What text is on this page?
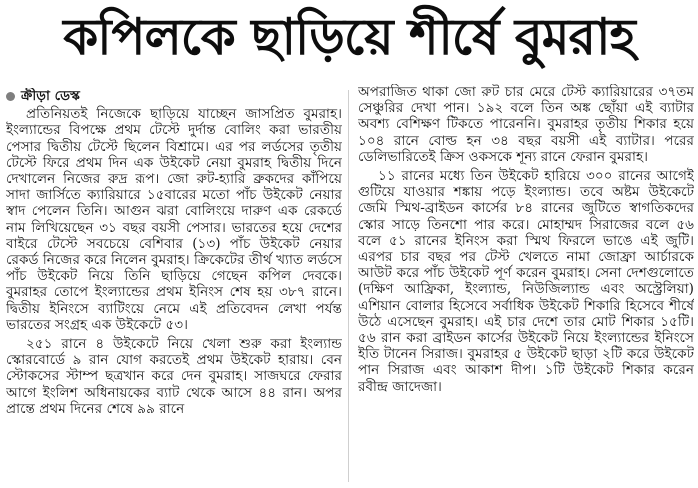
কপিলকে ছাড়িয়ে শীর্ষে বুমরাহ
ক্রীড়া ডেস্ক

প্রতিনিয়তই নিজেকে ছাড়িয়ে যাচ্ছেন জাসপ্রিত বুমরাহ। ইংল্যান্ডের বিপক্ষে প্রথম টেস্টে দুর্দান্ত বোলিং করা ভারতীয় পেসার দ্বিতীয় টেস্টে ছিলেন বিশ্রামে। এর পর লর্ডসের তৃতীয় টেস্টে ফিরে প্রথম দিন এক উইকেট নেয়া বুমরাহ দ্বিতীয় দিনে দেখালেন নিজের রুদ্র রূপ। জো রুট-হ্যারি ব্রুকদের কাঁপিয়ে সাদা জার্সিতে ক্যারিয়ারে ১৫বারের মতো পাঁচ উইকেট নেয়ার স্বাদ পেলেন তিনি। আগুন ঝরা বোলিংয়ে দারুণ এক রেকর্ডে নাম লিখিয়েছেন ৩১ বছর বয়সী পেসার। ভারতের হয়ে দেশের বাইরে টেস্টে সবচেয়ে বেশিবার (১৩) পাঁচ উইকেট নেয়ার রেকর্ড নিজের করে নিলেন বুমরাহ। ক্রিকেটের তীর্থ খ্যাত লর্ডসে পাঁচ উইকেট নিয়ে তিনি ছাড়িয়ে গেছেন কপিল দেবকে। বুমরাহর তোপে ইংল্যান্ডের প্রথম ইনিংস শেষ হয় ৩৮৭ রানে। দ্বিতীয় ইনিংসে ব্যাটিংয়ে নেমে এই প্রতিবেদন লেখা পর্যন্ত ভারতের সংগ্রহ এক উইকেটে ৫৩।

২৫১ রানে ৪ উইকেটে নিয়ে খেলা শুরু করা ইংল্যান্ড স্কোরবোর্ডে ৯ রান যোগ করতেই প্রথম উইকেট হারায়। বেন স্টোকসের স্টাম্প ছত্রখান করে দেন বুমরাহ। সাজঘরে ফেরার আগে ইংলিশ অধিনায়কের ব্যাট থেকে আসে ৪৪ রান। অপর প্রান্তে প্রথম দিনের শেষে ৯৯ রানে

অপরাজিত থাকা জো রুট চার মেরে টেস্ট ক্যারিয়ারের ৩৭তম সেঞ্চুরির দেখা পান। ১৯২ বলে তিন অঙ্ক ছোঁয়া এই ব্যাটার অবশ্য বেশিক্ষণ টিকতে পারেননি। বুমরাহর তৃতীয় শিকার হয়ে ১০৪ রানে বোল্ড হন ৩৪ বছর বয়সী এই ব্যাটার। পরের ডেলিভারিতেই ক্রিস ওকসকে শূন্য রানে ফেরান বুমরাহ।

১১ রানের মধ্যে তিন উইকেট হারিয়ে ৩০০ রানের আগেই গুটিয়ে যাওয়ার শঙ্কায় পড়ে ইংল্যান্ড। তবে অষ্টম উইকেটে জেমি স্মিথ-ব্রাইডন কার্সের ৮৪ রানের জুটিতে স্বাগতিকদের স্কোর সাড়ে তিনশো পার করে। মোহাম্মদ সিরাজের বলে ৫৬ বলে ৫১ রানের ইনিংস করা স্মিথ ফিরলে ভাঙে এই জুটি। এরপর চার বছর পর টেস্ট খেলতে নামা জোফ্রা আর্চারকে আউট করে পাঁচ উইকেট পূর্ণ করেন বুমরাহ। সেনা দেশগুলোতে (দক্ষিণ আফ্রিকা, ইংল্যান্ড, নিউজিল্যান্ড এবং অস্ট্রেলিয়া) এশিয়ান বোলার হিসেবে সর্বাধিক উইকেট শিকারি হিসেবে শীর্ষে উঠে এসেছেন বুমরাহ। এই চার দেশে তার মোট শিকার ১৫টি। ৫৬ রান করা ব্রাইডন কার্সের উইকেট নিয়ে ইংল্যান্ডের ইনিংসে ইতি টানেন সিরাজ। বুমরাহর ৫ উইকেট ছাড়া ২টি করে উইকেট পান সিরাজ এবং আকাশ দীপ। ১টি উইকেট শিকার করেন রবীন্দ্র জাদেজা।
